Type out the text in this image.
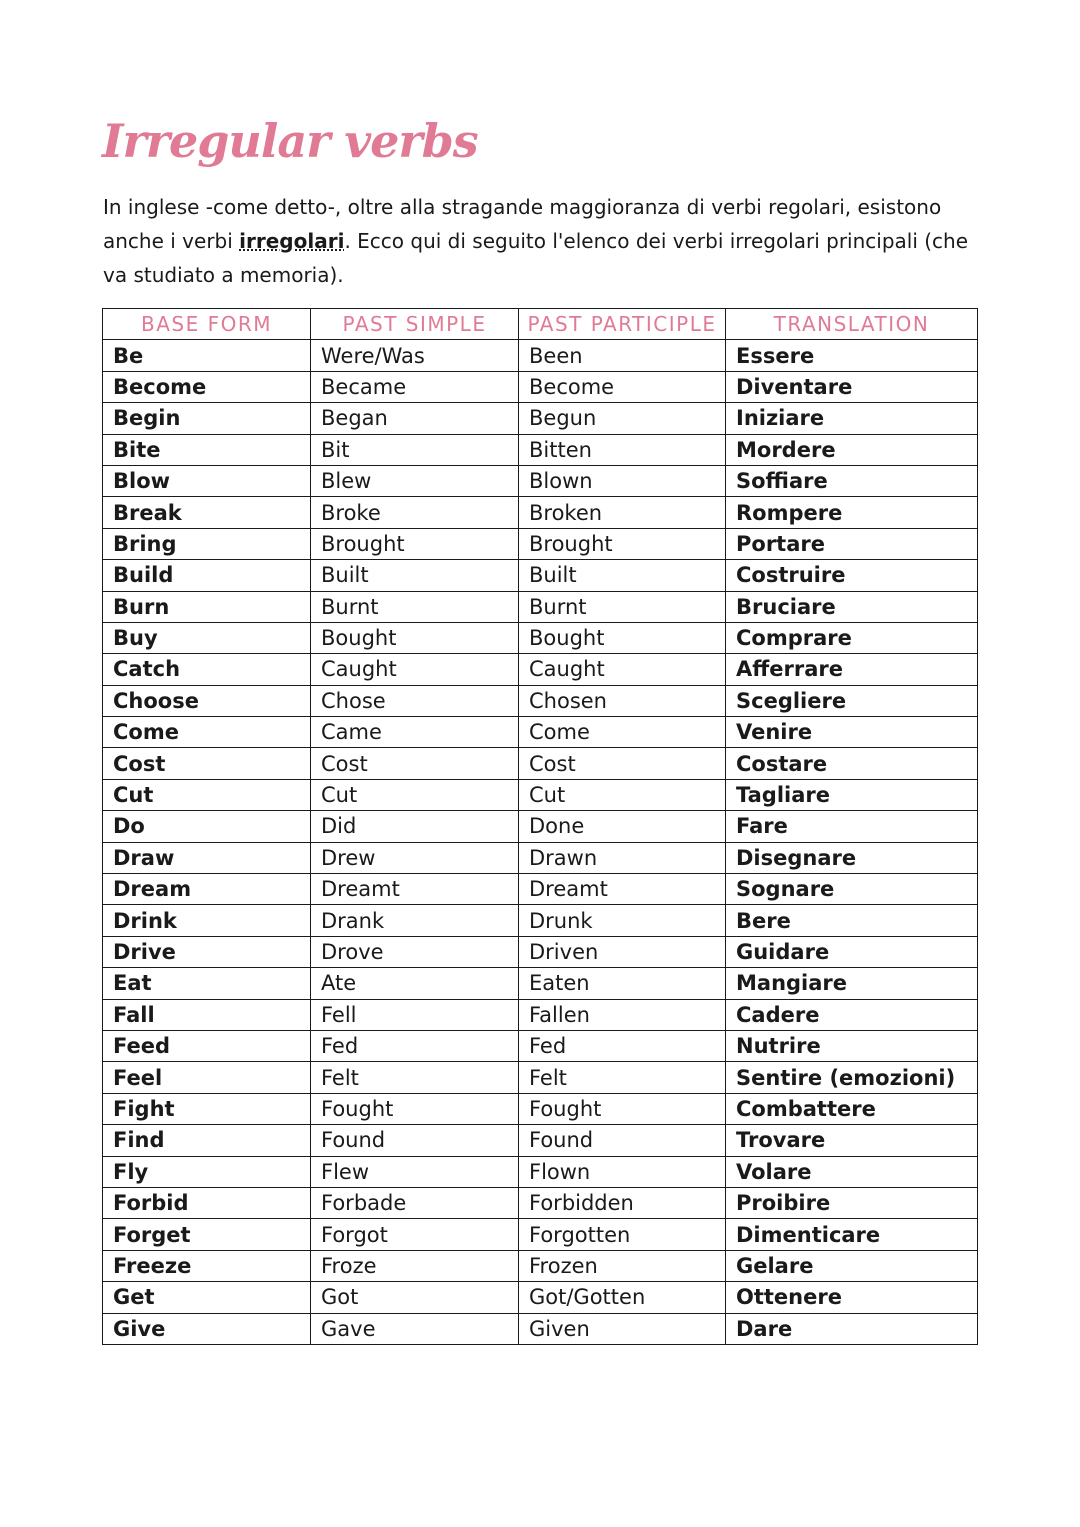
Irregular verbs

In inglese -come detto-, oltre alla stragande maggioranza di verbi regolari, esistono anche i verbi irregolari. Ecco qui di seguito l'elenco dei verbi irregolari principali (che va studiato a memoria).

BASE FORM	PAST SIMPLE	PAST PARTICIPLE	TRANSLATION
Be	Were/Was	Been	Essere
Become	Became	Become	Diventare
Begin	Began	Begun	Iniziare
Bite	Bit	Bitten	Mordere
Blow	Blew	Blown	Soffiare
Break	Broke	Broken	Rompere
Bring	Brought	Brought	Portare
Build	Built	Built	Costruire
Burn	Burnt	Burnt	Bruciare
Buy	Bought	Bought	Comprare
Catch	Caught	Caught	Afferrare
Choose	Chose	Chosen	Scegliere
Come	Came	Come	Venire
Cost	Cost	Cost	Costare
Cut	Cut	Cut	Tagliare
Do	Did	Done	Fare
Draw	Drew	Drawn	Disegnare
Dream	Dreamt	Dreamt	Sognare
Drink	Drank	Drunk	Bere
Drive	Drove	Driven	Guidare
Eat	Ate	Eaten	Mangiare
Fall	Fell	Fallen	Cadere
Feed	Fed	Fed	Nutrire
Feel	Felt	Felt	Sentire (emozioni)
Fight	Fought	Fought	Combattere
Find	Found	Found	Trovare
Fly	Flew	Flown	Volare
Forbid	Forbade	Forbidden	Proibire
Forget	Forgot	Forgotten	Dimenticare
Freeze	Froze	Frozen	Gelare
Get	Got	Got/Gotten	Ottenere
Give	Gave	Given	Dare
